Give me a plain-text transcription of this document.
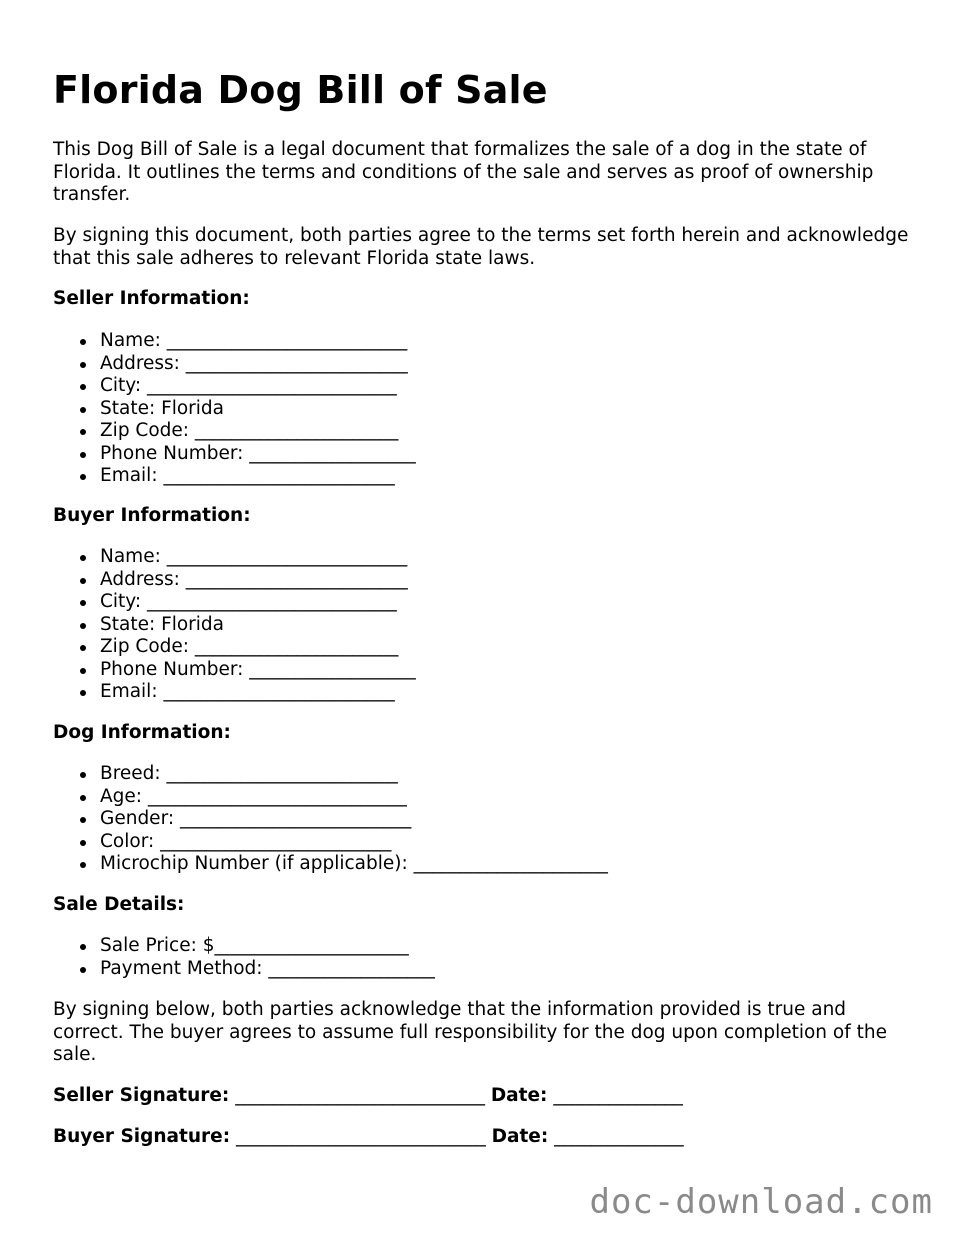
Florida Dog Bill of Sale

This Dog Bill of Sale is a legal document that formalizes the sale of a dog in the state of Florida. It outlines the terms and conditions of the sale and serves as proof of ownership transfer.

By signing this document, both parties agree to the terms set forth herein and acknowledge that this sale adheres to relevant Florida state laws.

Seller Information:

Name: __________________________
Address: ________________________
City: ___________________________
State: Florida
Zip Code: ______________________
Phone Number: __________________
Email: _________________________

Buyer Information:

Name: __________________________
Address: ________________________
City: ___________________________
State: Florida
Zip Code: ______________________
Phone Number: __________________
Email: _________________________

Dog Information:

Breed: _________________________
Age: ____________________________
Gender: _________________________
Color: _________________________
Microchip Number (if applicable): _____________________

Sale Details:

Sale Price: $_____________________
Payment Method: __________________

By signing below, both parties acknowledge that the information provided is true and correct. The buyer agrees to assume full responsibility for the dog upon completion of the sale.

Seller Signature: ___________________________ Date: ______________
Buyer Signature: ___________________________ Date: ______________
doc-download.com
